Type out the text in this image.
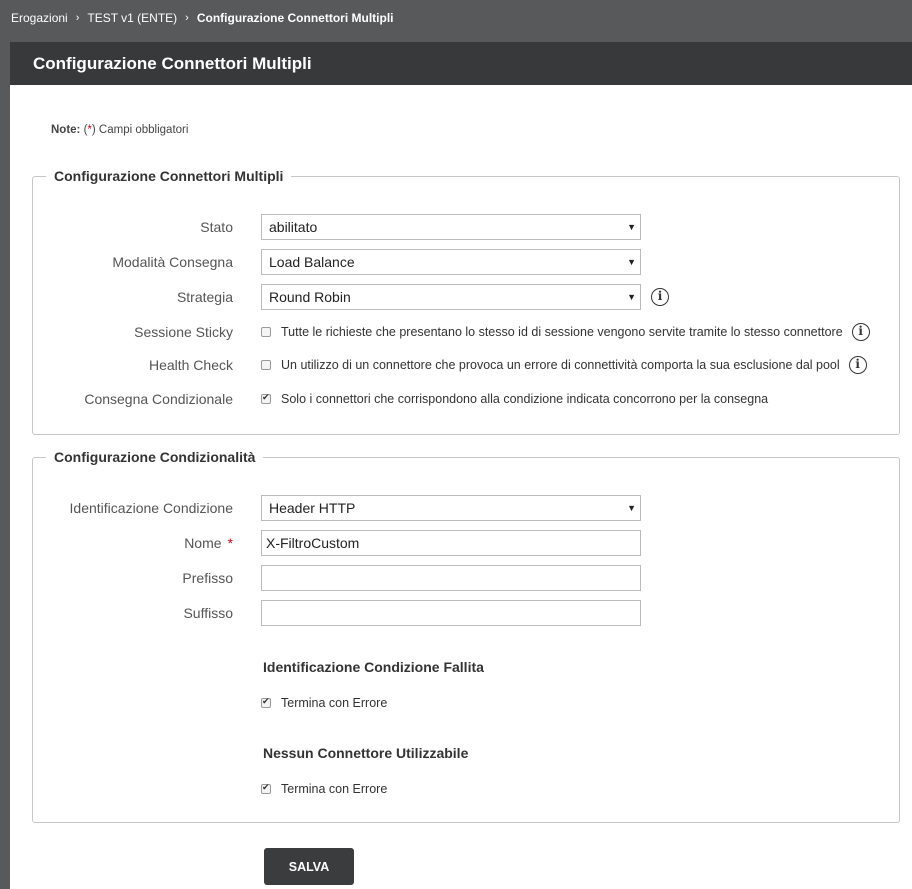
Erogazioni › TEST v1 (ENTE) › Configurazione Connettori Multipli
Configurazione Connettori Multipli
Note: (*) Campi obbligatori
Configurazione Connettori Multipli
Stato	abilitato	▼
Modalità Consegna	Load Balance	▼
Strategia	Round Robin	▼	i
Sessione Sticky	Tutte le richieste che presentano lo stesso id di sessione vengono servite tramite lo stesso connettore	i
Health Check	Un utilizzo di un connettore che provoca un errore di connettività comporta la sua esclusione dal pool	i
Consegna Condizionale
✔	Solo i connettori che corrispondono alla condizione indicata concorrono per la consegna
Configurazione Condizionalità
Identificazione Condizione	Header HTTP	▼
Nome *	X-FiltroCustom
Prefisso
Suffisso
Identificazione Condizione Fallita
✔
Termina con Errore
Nessun Connettore Utilizzabile
✔
Termina con Errore
SALVA
